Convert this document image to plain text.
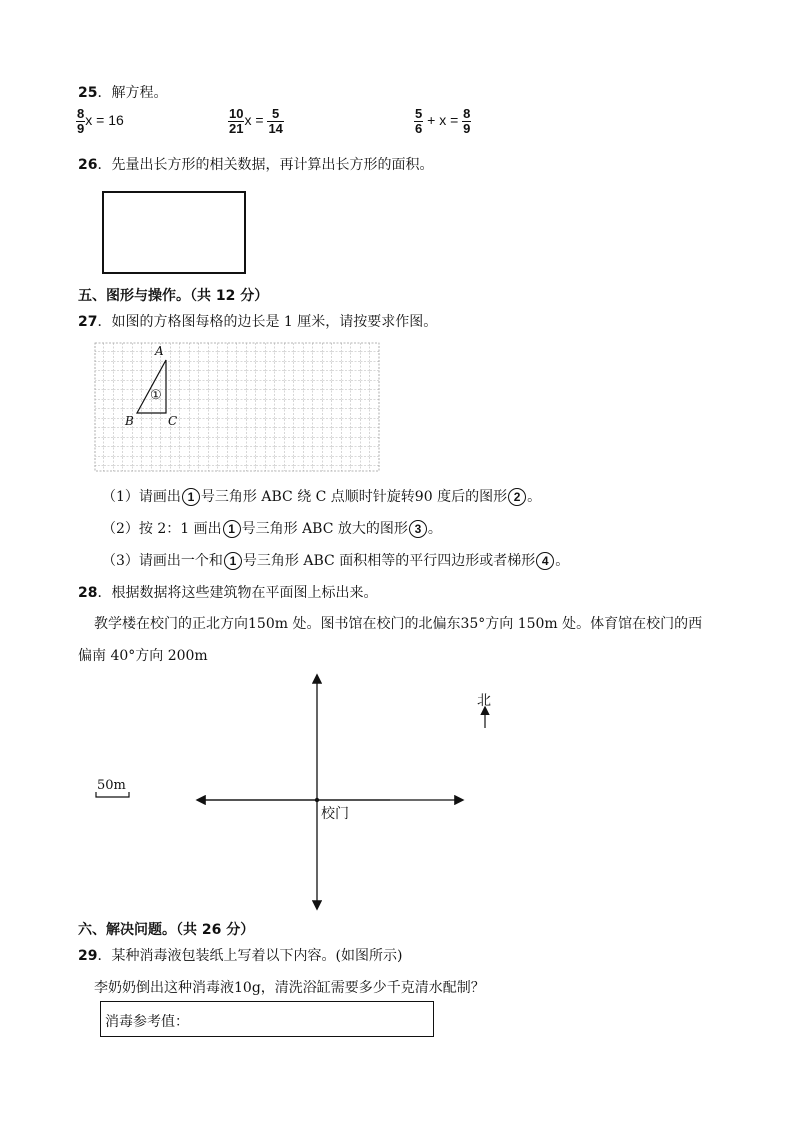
25．解方程。
$\frac{8}{9}$ x = 16	$\frac{10}{21}$ $x = \frac{5}{14}$	$\frac{5}{6} + x = \frac{8}{9}$
26．先量出长方形的相关数据，再计算出长方形的面积。
五、图形与操作。（共 12 分）
27．如图的方格图每格的边长是 1 厘米，请按要求作图。
A
B	C
①
（1）请画出 1 号三角形 ABC 绕 C 点顺时针旋转90 度后的图形 2 。
（2）按 2：1 画出 1 号三角形 ABC 放大的图形 3 。
（3）请画出一个和 1 号三角形 ABC 面积相等的平行四边形或者梯形 4 。
28．根据数据将这些建筑物在平面图上标出来。
教学楼在校门的正北方向150m 处。图书馆在校门的北偏东35°方向 150m 处。体育馆在校门的西
偏南 40°方向 200m
北
50m
校门
六、解决问题。（共 26 分）
29．某种消毒液包装纸上写着以下内容。(如图所示)
李奶奶倒出这种消毒液10g，清洗浴缸需要多少千克清水配制？
消毒参考值：
